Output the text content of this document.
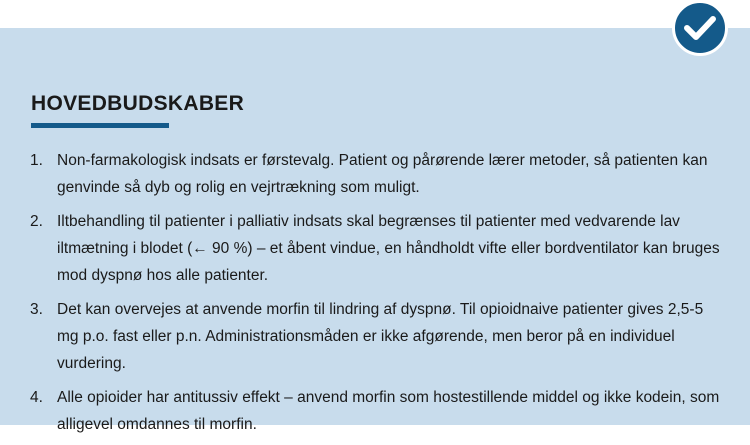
HOVEDBUDSKABER
1. Non-farmakologisk indsats er førstevalg. Patient og pårørende lærer metoder, så patienten kan genvinde så dyb og rolig en vejrtrækning som muligt.
2. Iltbehandling til patienter i palliativ indsats skal begrænses til patienter med vedvarende lav iltmætning i blodet (← 90 %) – et åbent vindue, en håndholdt vifte eller bordventilator kan bruges mod dyspnø hos alle patienter.
3. Det kan overvejes at anvende morfin til lindring af dyspnø. Til opioidnaive patienter gives 2,5-5 mg p.o. fast eller p.n. Administrationsmåden er ikke afgørende, men beror på en individuel vurdering.
4. Alle opioider har antitussiv effekt – anvend morfin som hostestillende middel og ikke kodein, som alligevel omdannes til morfin.
